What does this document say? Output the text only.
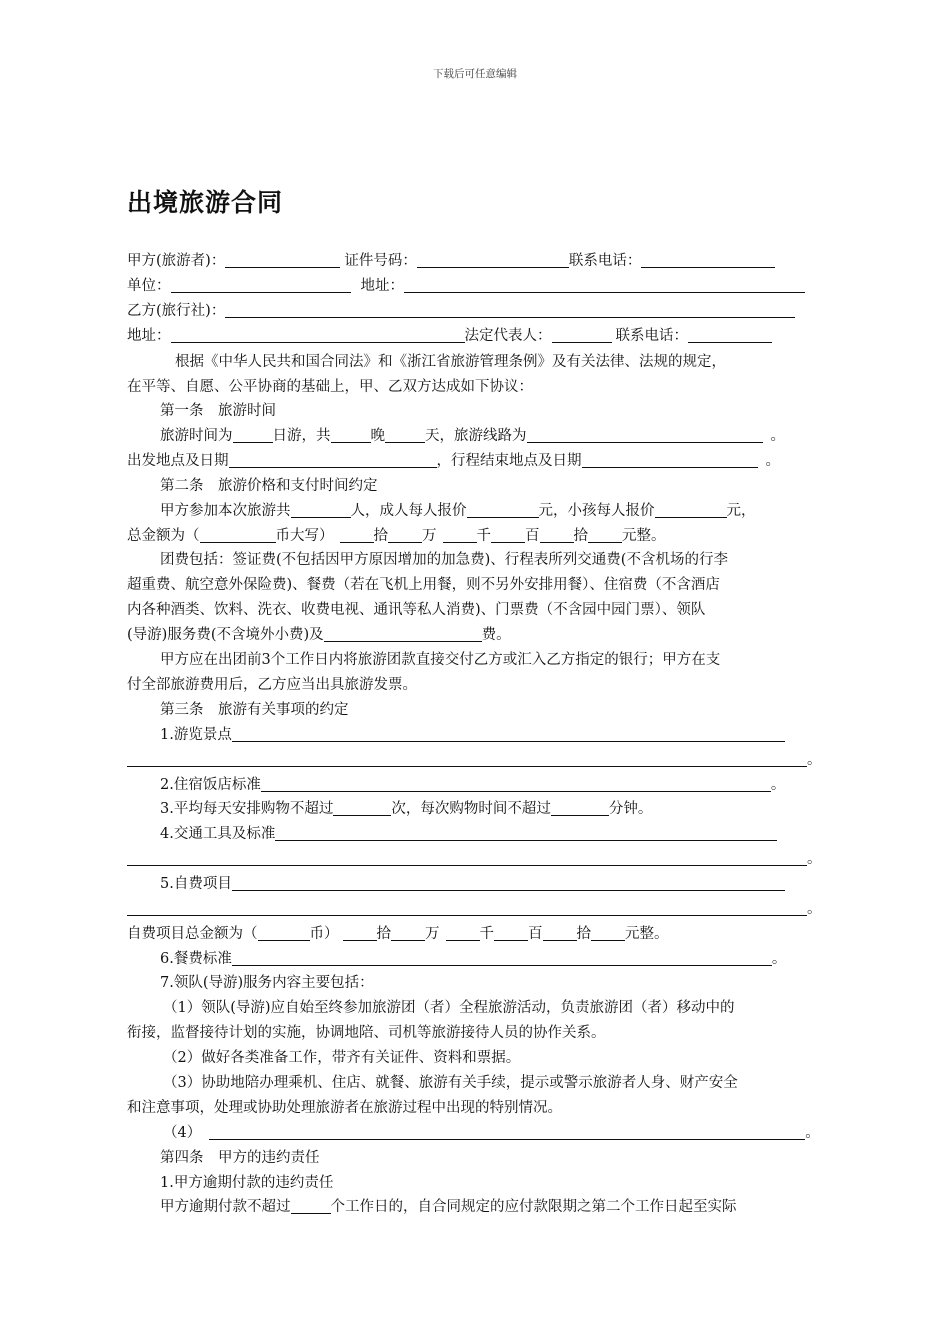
下载后可任意编辑
出境旅游合同
甲方(旅游者)：	证件号码：	联系电话：
单位：	地址：
乙方(旅行社)：
地址：	法定代表人：	联系电话：
根据《中华人民共和国合同法》和《浙江省旅游管理条例》及有关法律、法规的规定，
在平等、自愿、公平协商的基础上，甲、乙双方达成如下协议：
第一条　旅游时间
旅游时间为	日游，共	晚	天，旅游线路为	。
出发地点及日期	，行程结束地点及日期	。
第二条　旅游价格和支付时间约定
甲方参加本次旅游共	人，成人每人报价	元，小孩每人报价	元，
总金额为（	币大写）	拾 万	千 百 拾 元整。
团费包括：签证费(不包括因甲方原因增加的加急费)、行程表所列交通费(不含机场的行李
超重费、航空意外保险费)、餐费（若在飞机上用餐，则不另外安排用餐）、住宿费（不含酒店
内各种酒类、饮料、洗衣、收费电视、通讯等私人消费)、门票费（不含园中园门票）、领队
(导游)服务费(不含境外小费)及	费。
甲方应在出团前3个工作日内将旅游团款直接交付乙方或汇入乙方指定的银行；甲方在支
付全部旅游费用后，乙方应当出具旅游发票。
第三条　旅游有关事项的约定
1.游览景点
。
2.住宿饭店标准	。
3.平均每天安排购物不超过	次，每次购物时间不超过	分钟。
4.交通工具及标准
。
5.自费项目
。
自费项目总金额为（	币）	拾 万	千 百 拾 元整。
6.餐费标准	。
7.领队(导游)服务内容主要包括：
（1）领队(导游)应自始至终参加旅游团（者）全程旅游活动，负责旅游团（者）移动中的
衔接，监督接待计划的实施，协调地陪、司机等旅游接待人员的协作关系。
（2）做好各类准备工作，带齐有关证件、资料和票据。
（3）协助地陪办理乘机、住店、就餐、旅游有关手续，提示或警示旅游者人身、财产安全
和注意事项，处理或协助处理旅游者在旅游过程中出现的特别情况。
（4）	。
第四条　甲方的违约责任
1.甲方逾期付款的违约责任
甲方逾期付款不超过	个工作日的，自合同规定的应付款限期之第二个工作日起至实际
